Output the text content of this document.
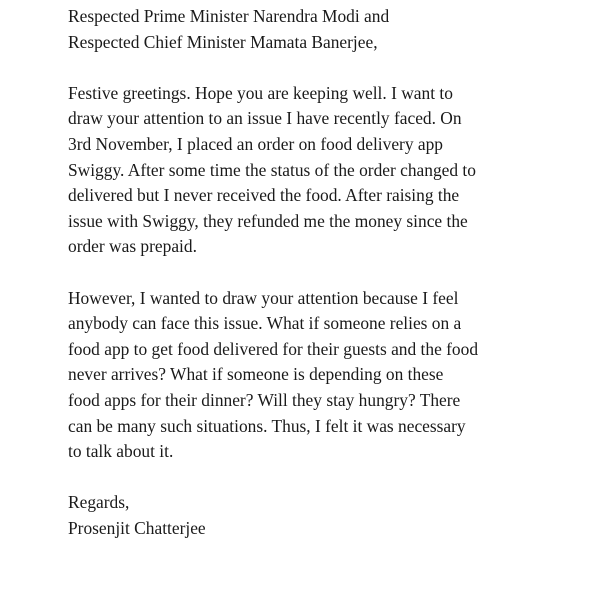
Respected Prime Minister Narendra Modi and
Respected Chief Minister Mamata Banerjee,
Festive greetings. Hope you are keeping well. I want to
draw your attention to an issue I have recently faced. On
3rd November, I placed an order on food delivery app
Swiggy. After some time the status of the order changed to
delivered but I never received the food. After raising the
issue with Swiggy, they refunded me the money since the
order was prepaid.
However, I wanted to draw your attention because I feel
anybody can face this issue. What if someone relies on a
food app to get food delivered for their guests and the food
never arrives? What if someone is depending on these
food apps for their dinner? Will they stay hungry? There
can be many such situations. Thus, I felt it was necessary
to talk about it.
Regards,
Prosenjit Chatterjee
